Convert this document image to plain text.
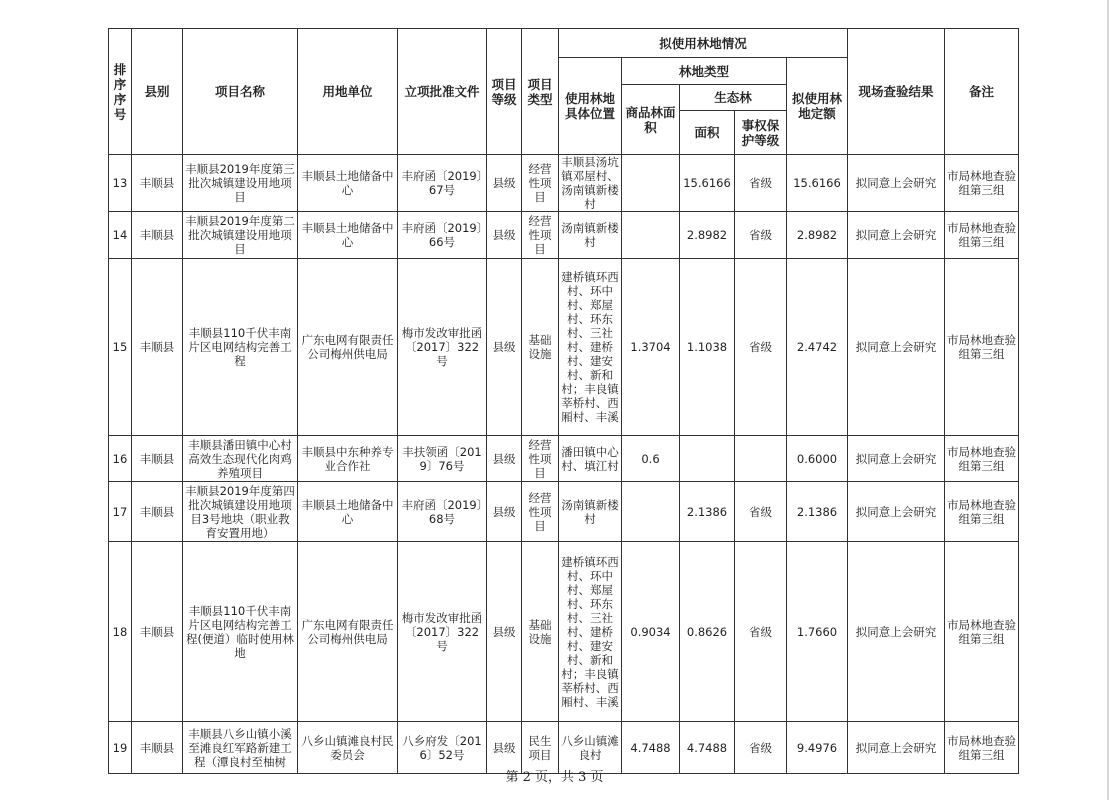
排序序号	县别	项目名称	用地单位	立项批准文件	项目等级	项目类型	拟使用林地情况					现场查验结果	备注
							使用林地具体位置	林地类型			拟使用林地定额		
								商品林面积	生态林				
									面积	事权保护等级			
13	丰顺县	丰顺县2019年度第三批次城镇建设用地项目	丰顺县土地储备中心	丰府函〔2019〕67号	县级	经营性项目	丰顺县汤坑镇邓屋村、汤南镇新楼村		15.6166	省级	15.6166	拟同意上会研究	市局林地查验组第三组
14	丰顺县	丰顺县2019年度第二批次城镇建设用地项目	丰顺县土地储备中心	丰府函〔2019〕66号	县级	经营性项目	汤南镇新楼村		2.8982	省级	2.8982	拟同意上会研究	市局林地查验组第三组
15	丰顺县	丰顺县110千伏丰南片区电网结构完善工程	广东电网有限责任公司梅州供电局	梅市发改审批函〔2017〕322号	县级	基础设施	建桥镇环西村、环中村、郑屋村、环东村、三社村、建桥村、建安村、新和村；丰良镇莘桥村、西厢村、丰溪	1.3704	1.1038	省级	2.4742	拟同意上会研究	市局林地查验组第三组
16	丰顺县	丰顺县潘田镇中心村高效生态现代化肉鸡养殖项目	丰顺县中东种养专业合作社	丰扶领函〔2019〕76号	县级	经营性项目	潘田镇中心村、填江村	0.6			0.6000	拟同意上会研究	市局林地查验组第三组
17	丰顺县	丰顺县2019年度第四批次城镇建设用地项目3号地块（职业教育安置用地）	丰顺县土地储备中心	丰府函〔2019〕68号	县级	经营性项目	汤南镇新楼村		2.1386	省级	2.1386	拟同意上会研究	市局林地查验组第三组
18	丰顺县	丰顺县110千伏丰南片区电网结构完善工程(便道）临时使用林地	广东电网有限责任公司梅州供电局	梅市发改审批函〔2017〕322号	县级	基础设施	建桥镇环西村、环中村、郑屋村、环东村、三社村、建桥村、建安村、新和村；丰良镇莘桥村、西厢村、丰溪	0.9034	0.8626	省级	1.7660	拟同意上会研究	市局林地查验组第三组
19	丰顺县	丰顺县八乡山镇小溪至滩良红军路新建工程（潭良村至柚树	八乡山镇滩良村民委员会	八乡府发〔2016〕52号	县级	民生项目	八乡山镇滩良村	4.7488	4.7488	省级	9.4976	拟同意上会研究	市局林地查验组第三组
第 2 页，共 3 页
